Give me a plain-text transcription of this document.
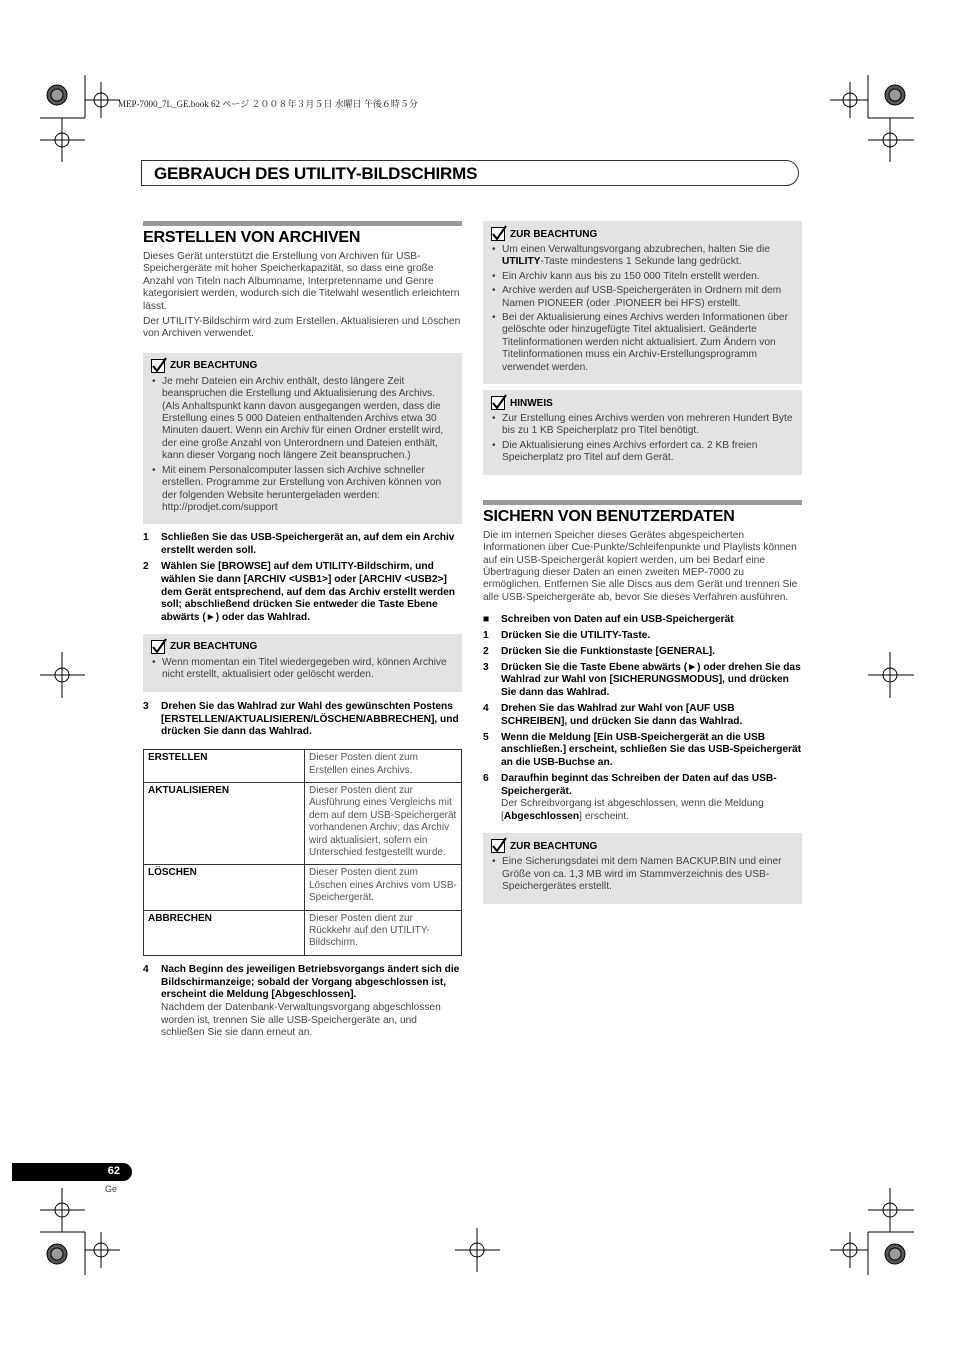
MEP-7000_7L_GE.book 62 ページ ２００８年３月５日 水曜日 午後６時５分
GEBRAUCH DES UTILITY-BILDSCHIRMS
ERSTELLEN VON ARCHIVEN

Dieses Gerät unterstützt die Erstellung von Archiven für USB-Speichergeräte mit hoher Speicherkapazität, so dass eine große Anzahl von Titeln nach Albumname, Interpretenname und Genre kategorisiert werden, wodurch sich die Titelwahl wesentlich erleichtern lässt.

Der UTILITY-Bildschirm wird zum Erstellen, Aktualisieren und Löschen von Archiven verwendet.

ZUR BEACHTUNG
• Je mehr Dateien ein Archiv enthält, desto längere Zeit beanspruchen die Erstellung und Aktualisierung des Archivs. (Als Anhaltspunkt kann davon ausgegangen werden, dass die Erstellung eines 5 000 Dateien enthaltenden Archivs etwa 30 Minuten dauert. Wenn ein Archiv für einen Ordner erstellt wird, der eine große Anzahl von Unterordnern und Dateien enthält, kann dieser Vorgang noch längere Zeit beanspruchen.)
• Mit einem Personalcomputer lassen sich Archive schneller erstellen. Programme zur Erstellung von Archiven können von der folgenden Website heruntergeladen werden: http://prodjet.com/support
1	Schließen Sie das USB-Speichergerät an, auf dem ein Archiv erstellt werden soll.
2	Wählen Sie [BROWSE] auf dem UTILITY-Bildschirm, und wählen Sie dann [ARCHIV <USB1>] oder [ARCHIV <USB2>] dem Gerät entsprechend, auf dem das Archiv erstellt werden soll; abschließend drücken Sie entweder die Taste Ebene abwärts (►) oder das Wahlrad.
ZUR BEACHTUNG
• Wenn momentan ein Titel wiedergegeben wird, können Archive nicht erstellt, aktualisiert oder gelöscht werden.
3	Drehen Sie das Wahlrad zur Wahl des gewünschten Postens [ERSTELLEN/AKTUALISIEREN/LÖSCHEN/ABBRECHEN], und drücken Sie dann das Wahlrad.
ERSTELLEN	Dieser Posten dient zum Erstellen eines Archivs.
AKTUALISIEREN	Dieser Posten dient zur Ausführung eines Vergleichs mit dem auf dem USB-Speichergerät vorhandenen Archiv; das Archiv wird aktualisiert, sofern ein Unterschied festgestellt wurde.
LÖSCHEN	Dieser Posten dient zum Löschen eines Archivs vom USB-Speichergerät.
ABBRECHEN	Dieser Posten dient zur Rückkehr auf den UTILITY-Bildschirm.
4	Nach Beginn des jeweiligen Betriebsvorgangs ändert sich die Bildschirmanzeige; sobald der Vorgang abgeschlossen ist, erscheint die Meldung [Abgeschlossen].

Nachdem der Datenbank-Verwaltungsvorgang abgeschlossen worden ist, trennen Sie alle USB-Speichergeräte an, und schließen Sie sie dann erneut an.

ZUR BEACHTUNG
• Um einen Verwaltungsvorgang abzubrechen, halten Sie die UTILITY-Taste mindestens 1 Sekunde lang gedrückt.
• Ein Archiv kann aus bis zu 150 000 Titeln erstellt werden.
• Archive werden auf USB-Speichergeräten in Ordnern mit dem Namen PIONEER (oder .PIONEER bei HFS) erstellt.
• Bei der Aktualisierung eines Archivs werden Informationen über gelöschte oder hinzugefügte Titel aktualisiert. Geänderte Titelinformationen werden nicht aktualisiert. Zum Ändern von Titelinformationen muss ein Archiv-Erstellungsprogramm verwendet werden.
HINWEIS
• Zur Erstellung eines Archivs werden von mehreren Hundert Byte bis zu 1 KB Speicherplatz pro Titel benötigt.
• Die Aktualisierung eines Archivs erfordert ca. 2 KB freien Speicherplatz pro Titel auf dem Gerät.
SICHERN VON BENUTZERDATEN

Die im internen Speicher dieses Gerätes abgespeicherten Informationen über Cue-Punkte/Schleifenpunkte und Playlists können auf ein USB-Speichergerät kopiert werden, um bei Bedarf eine Übertragung dieser Daten an einen zweiten MEP-7000 zu ermöglichen. Entfernen Sie alle Discs aus dem Gerät und trennen Sie alle USB-Speichergeräte ab, bevor Sie dieses Verfahren ausführen.

■	Schreiben von Daten auf ein USB-Speichergerät
1	Drücken Sie die UTILITY-Taste.
2	Drücken Sie die Funktionstaste [GENERAL].
3	Drücken Sie die Taste Ebene abwärts (►) oder drehen Sie das Wahlrad zur Wahl von [SICHERUNGSMODUS], und drücken Sie dann das Wahlrad.
4	Drehen Sie das Wahlrad zur Wahl von [AUF USB SCHREIBEN], und drücken Sie dann das Wahlrad.
5	Wenn die Meldung [Ein USB-Speichergerät an die USB anschließen.] erscheint, schließen Sie das USB-Speichergerät an die USB-Buchse an.
6	Daraufhin beginnt das Schreiben der Daten auf das USB-Speichergerät.

Der Schreibvorgang ist abgeschlossen, wenn die Meldung [Abgeschlossen] erscheint.

ZUR BEACHTUNG
• Eine Sicherungsdatei mit dem Namen BACKUP.BIN und einer Größe von ca. 1,3 MB wird im Stammverzeichnis des USB-Speichergerätes erstellt.
62
Ge
